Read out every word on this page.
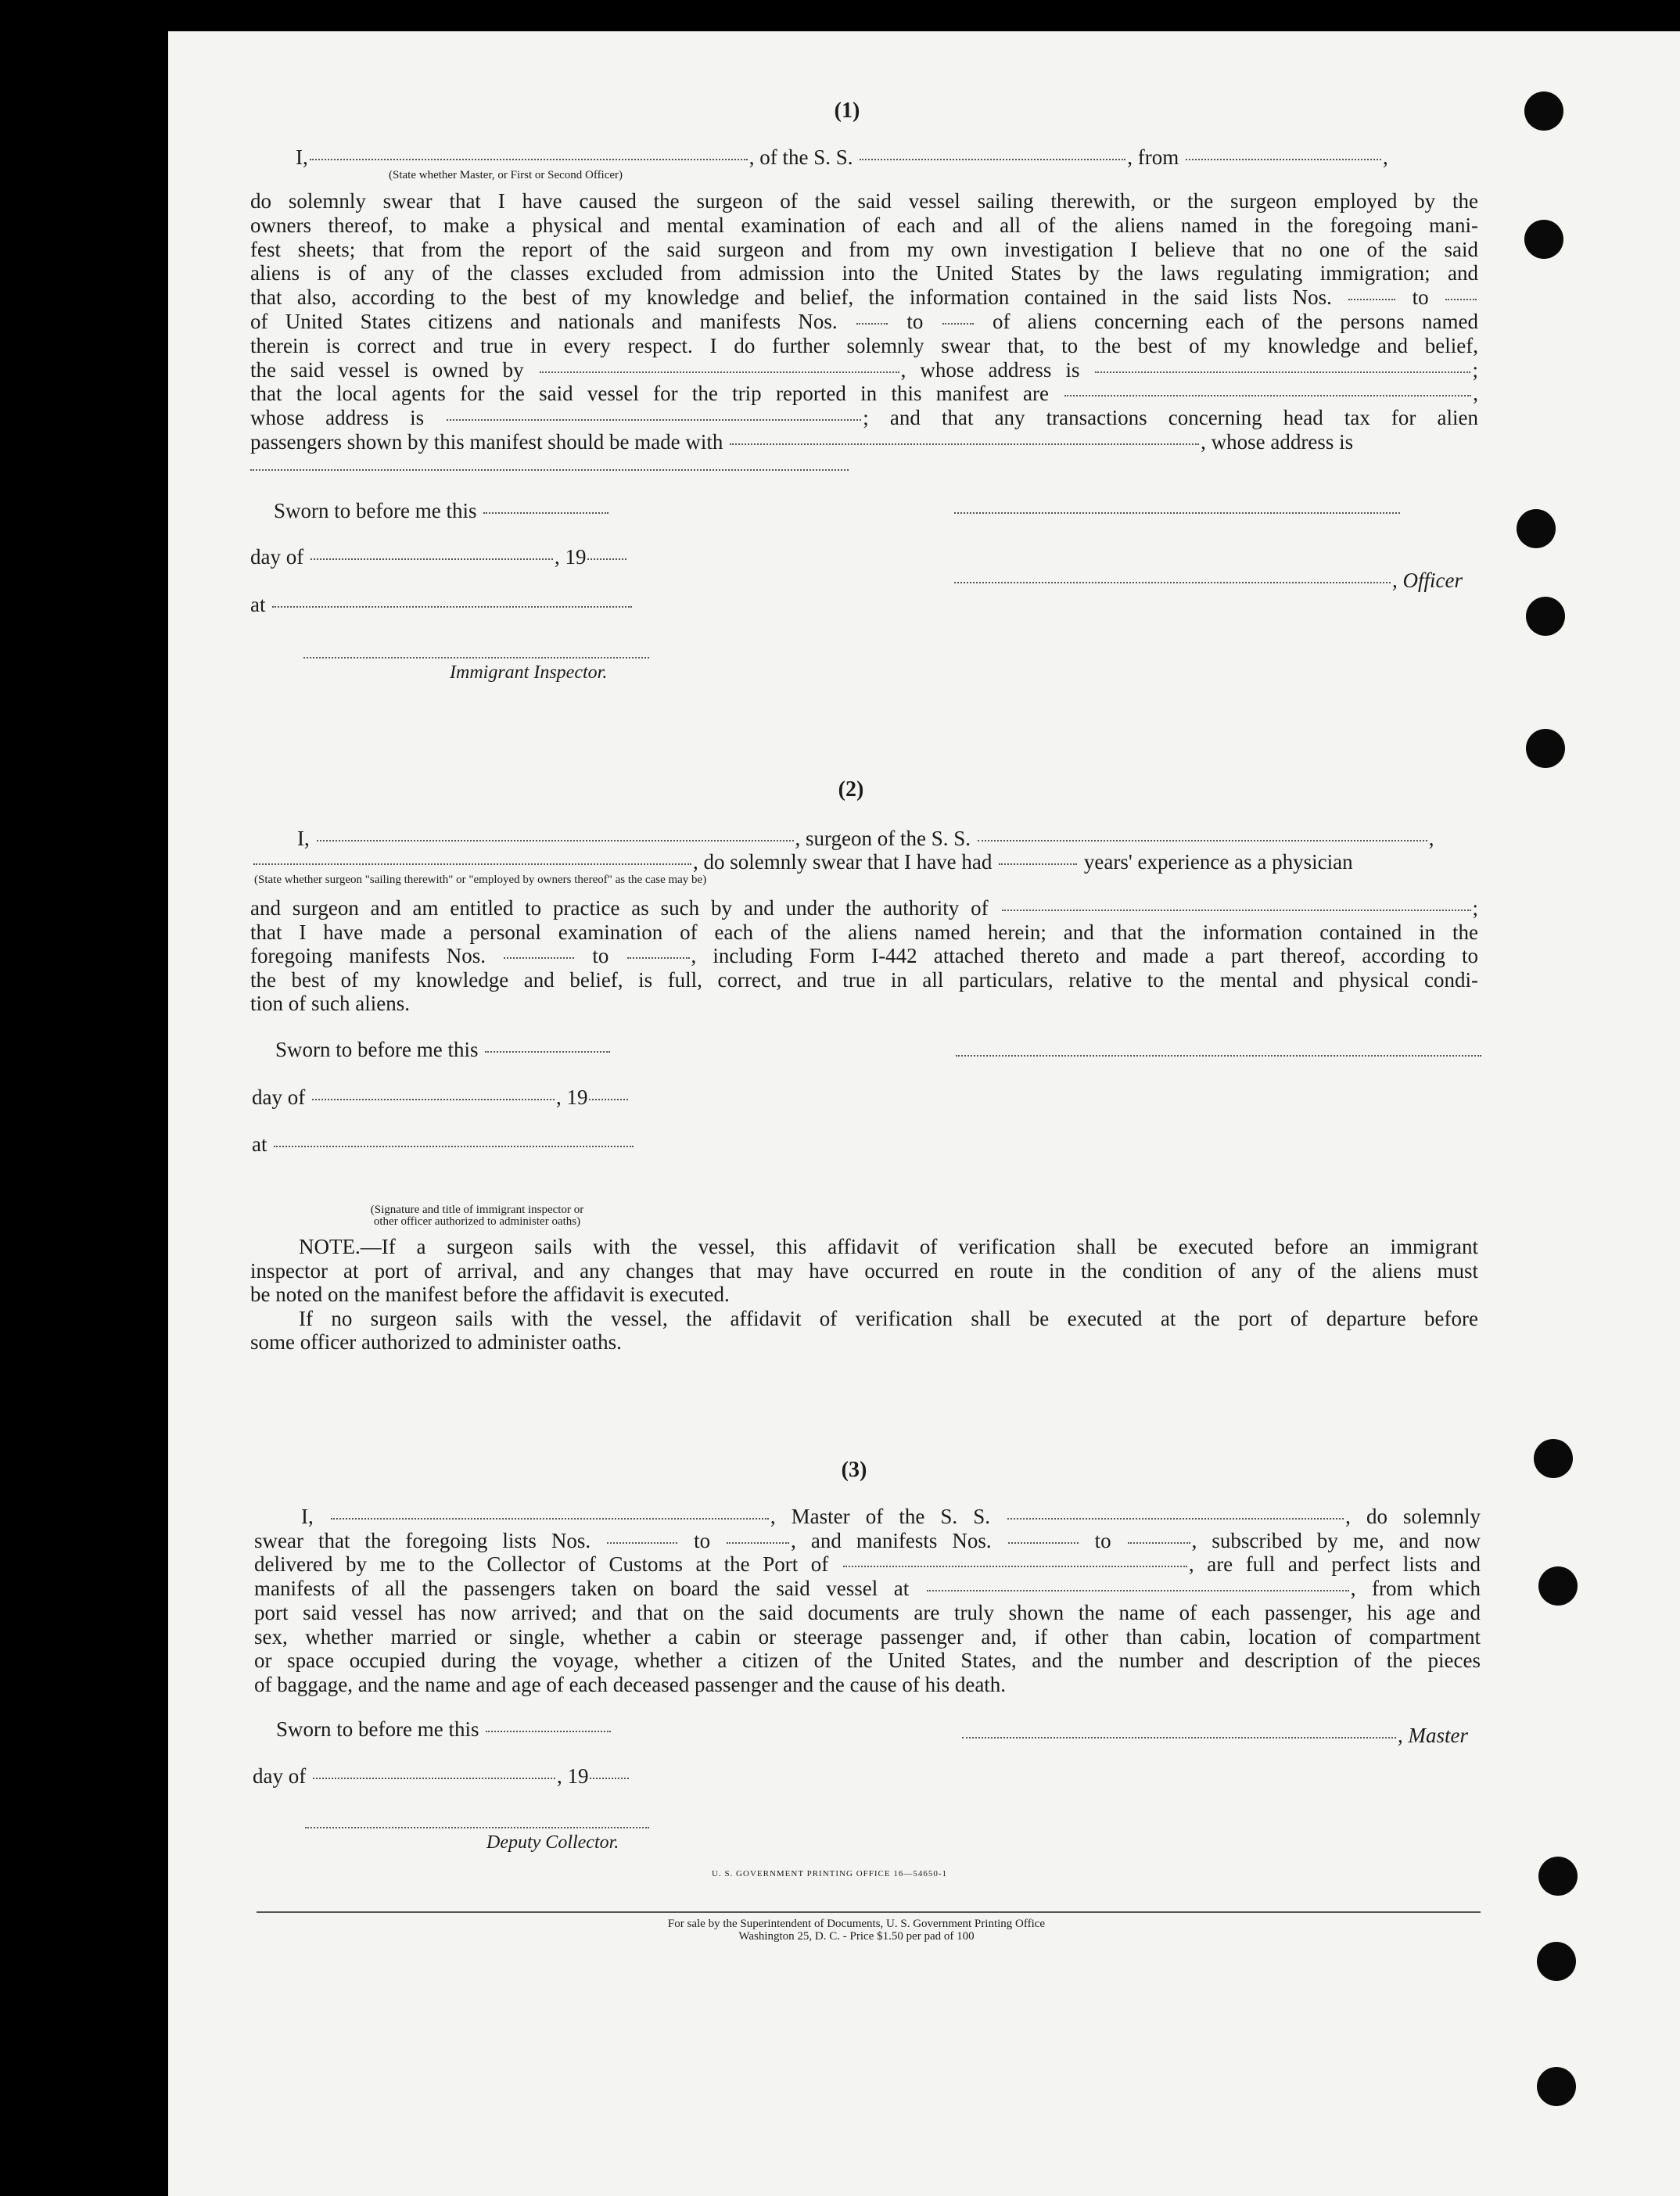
(1)
I,	, of the S. S.	, from	,
(State whether Master, or First or Second Officer)
do solemnly swear that I have caused the surgeon of the said vessel sailing therewith, or the surgeon employed by the
owners thereof, to make a physical and mental examination of each and all of the aliens named in the foregoing mani-
fest sheets; that from the report of the said surgeon and from my own investigation I believe that no one of the said
aliens is of any of the classes excluded from admission into the United States by the laws regulating immigration; and
that also, according to the best of my knowledge and belief, the information contained in the said lists Nos.	to
of United States citizens and nationals and manifests Nos.	to	of aliens concerning each of the persons named
therein is correct and true in every respect. I do further solemnly swear that, to the best of my knowledge and belief,
the said vessel is owned by	, whose address is	;
that the local agents for the said vessel for the trip reported in this manifest are	,
whose address is	; and that any transactions concerning head tax for alien
passengers shown by this manifest should be made with	, whose address is
Sworn to before me this
day of	, 19
at
Immigrant Inspector.
, Officer
(2)
I,	, surgeon of the S. S.	,
, do solemnly swear that I have had	years' experience as a physician
(State whether surgeon "sailing therewith" or "employed by owners thereof" as the case may be)
and surgeon and am entitled to practice as such by and under the authority of	;
that I have made a personal examination of each of the aliens named herein; and that the information contained in the
foregoing manifests Nos.	to	, including Form I-442 attached thereto and made a part thereof, according to
the best of my knowledge and belief, is full, correct, and true in all particulars, relative to the mental and physical condi-
tion of such aliens.
Sworn to before me this
day of	, 19
at
(Signature and title of immigrant inspector or
other officer authorized to administer oaths)
NOTE.—If a surgeon sails with the vessel, this affidavit of verification shall be executed before an immigrant
inspector at port of arrival, and any changes that may have occurred en route in the condition of any of the aliens must
be noted on the manifest before the affidavit is executed.
If no surgeon sails with the vessel, the affidavit of verification shall be executed at the port of departure before
some officer authorized to administer oaths.
(3)
I,	, Master of the S. S.	, do solemnly
swear that the foregoing lists Nos.	to	, and manifests Nos.	to	, subscribed by me, and now
delivered by me to the Collector of Customs at the Port of	, are full and perfect lists and
manifests of all the passengers taken on board the said vessel at	, from which
port said vessel has now arrived; and that on the said documents are truly shown the name of each passenger, his age and
sex, whether married or single, whether a cabin or steerage passenger and, if other than cabin, location of compartment
or space occupied during the voyage, whether a citizen of the United States, and the number and description of the pieces
of baggage, and the name and age of each deceased passenger and the cause of his death.
Sworn to before me this
day of	, 19
Deputy Collector.
, Master
U. S. GOVERNMENT PRINTING OFFICE 16—54650-1
For sale by the Superintendent of Documents, U. S. Government Printing Office
Washington 25, D. C. - Price $1.50 per pad of 100
